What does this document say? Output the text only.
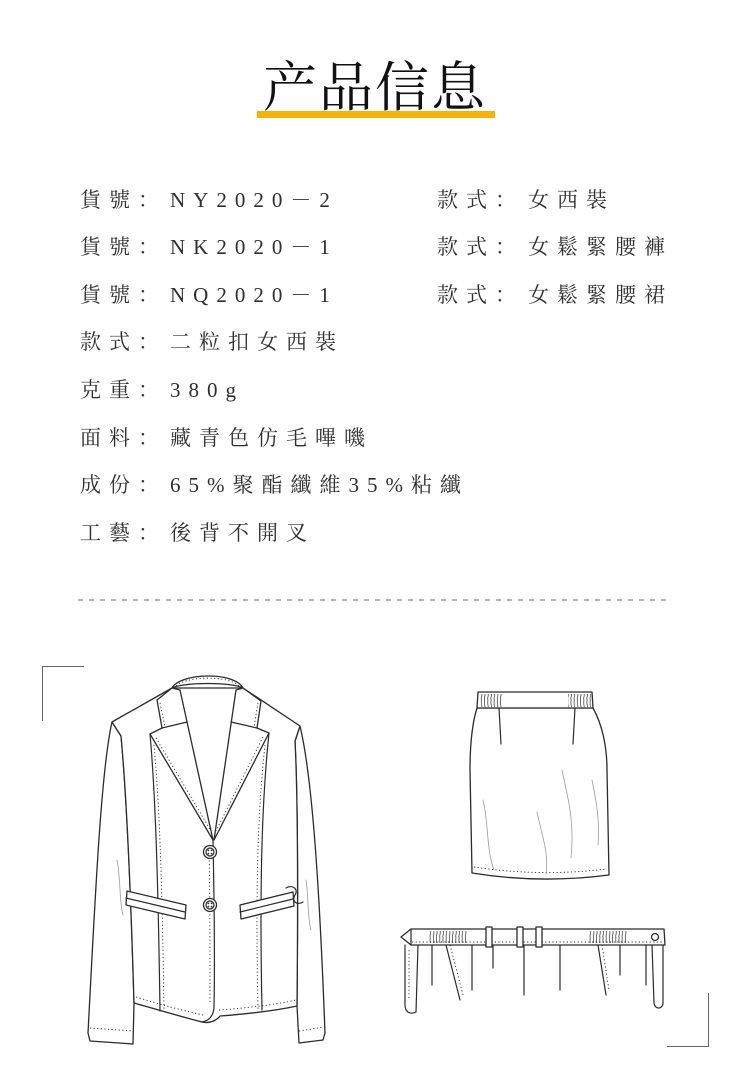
产品信息
貨號： NY2020－2	款式： 女西裝
貨號： NK2020－1	款式： 女鬆緊腰褲
貨號： NQ2020－1	款式： 女鬆緊腰裙
款式： 二粒扣女西裝
克重： 380g
面料： 藏青色仿毛嗶嘰
成份： 65%聚酯纖維35%粘纖
工藝： 後背不開叉
